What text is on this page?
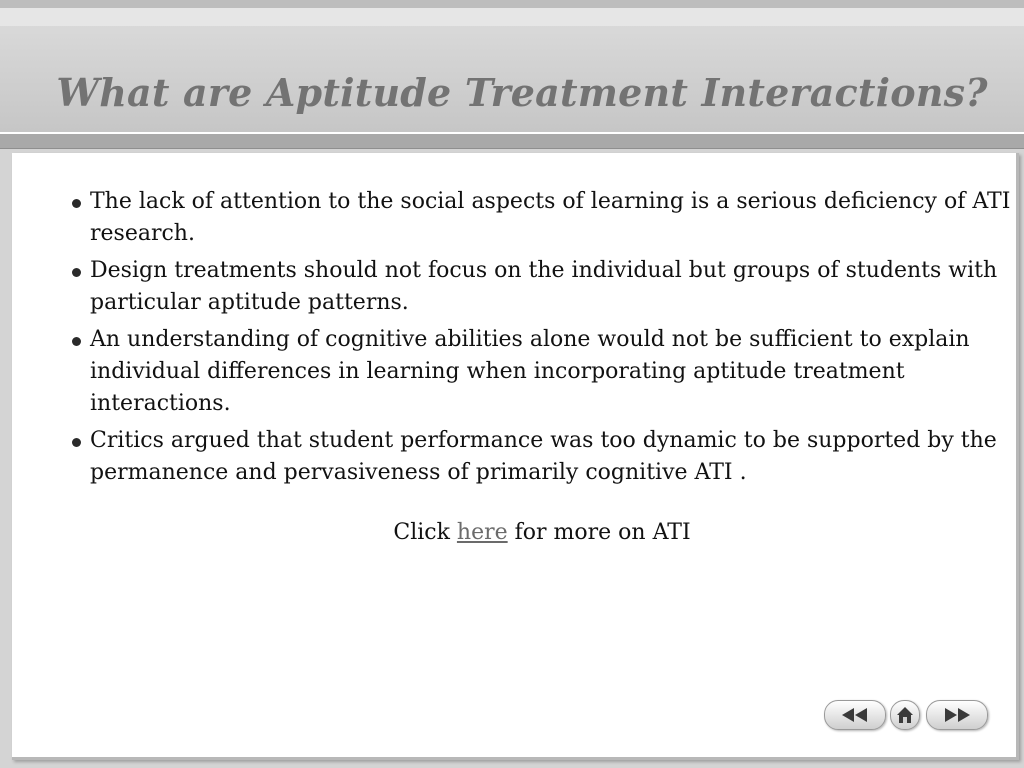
What are Aptitude Treatment Interactions?
The lack of attention to the social aspects of learning is a serious deficiency of ATI research.
Design treatments should not focus on the individual but groups of students with particular aptitude patterns.
An understanding of cognitive abilities alone would not be sufficient to explain individual differences in learning when incorporating aptitude treatment interactions.
Critics argued that student performance was too dynamic to be supported by the permanence and pervasiveness of primarily cognitive ATI .
Click here for more on ATI
